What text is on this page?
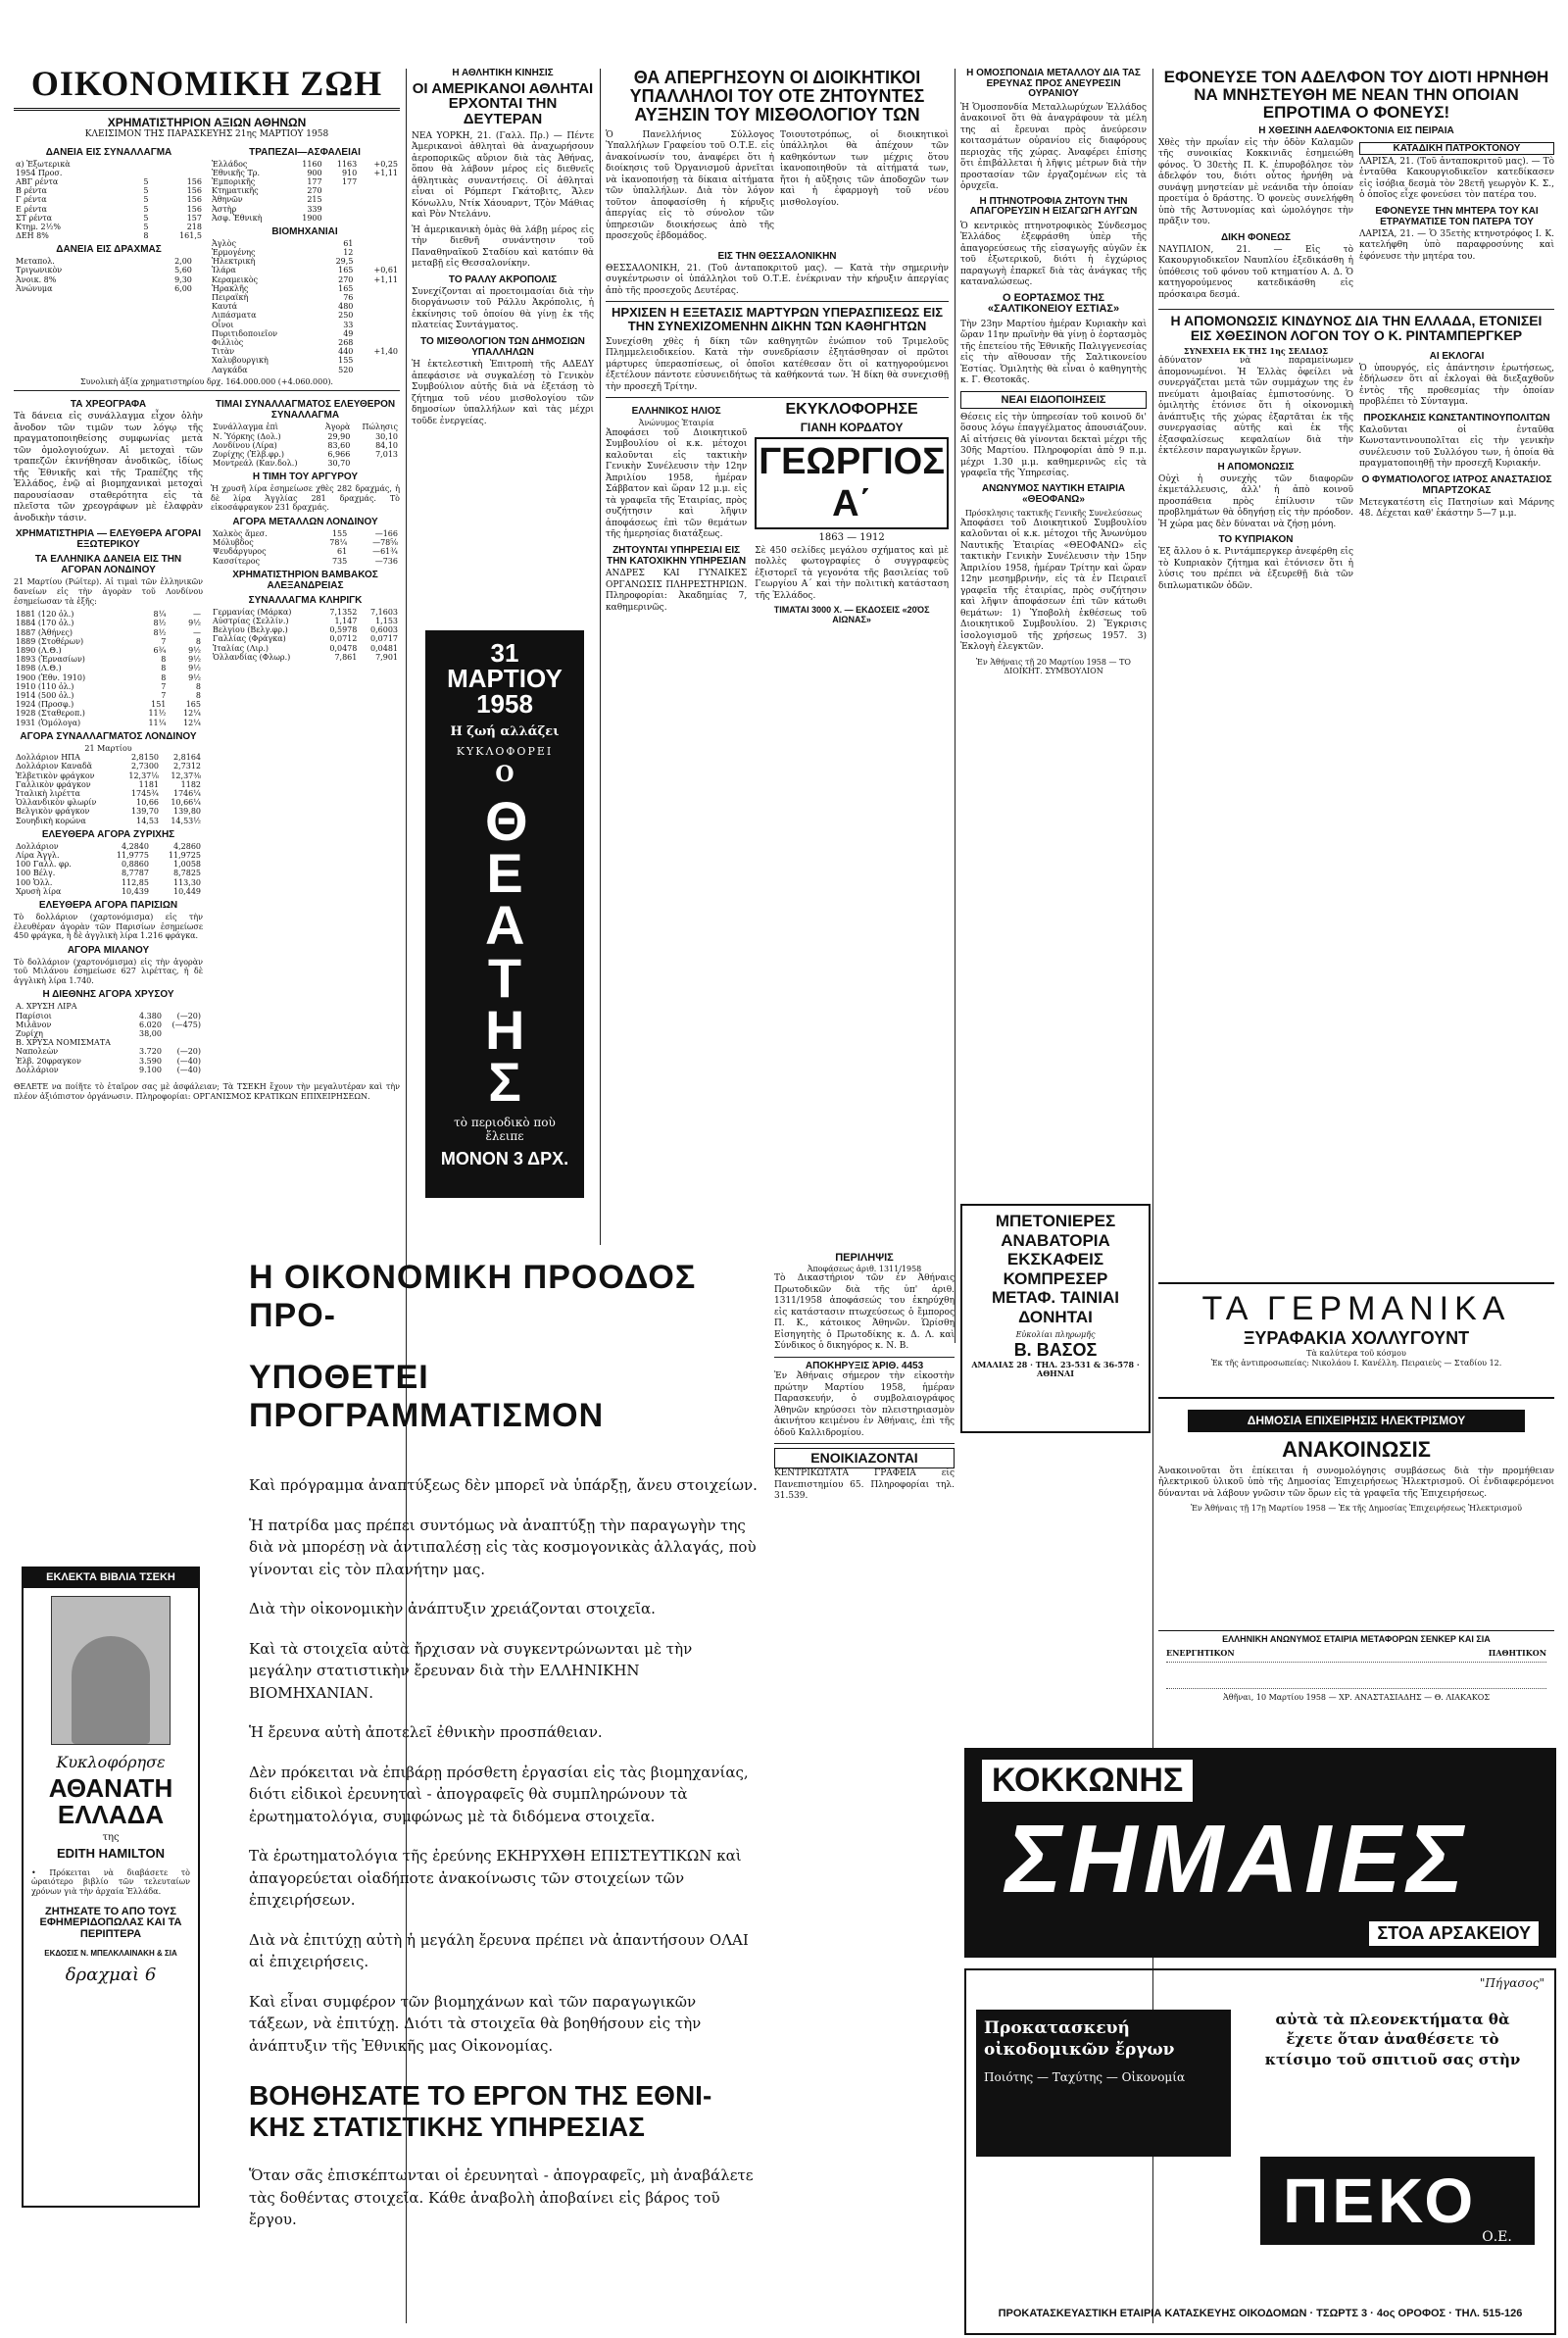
ΟΙΚΟΝΟΜΙΚΗ ΖΩΗ
ΧΡΗΜΑΤΙΣΤΗΡΙΟΝ ΑΞΙΩΝ ΑΘΗΝΩΝ
ΚΛΕΙΣΙΜΟΝ ΤΗΣ ΠΑΡΑΣΚΕΥΗΣ 21ης ΜΑΡΤΙΟΥ 1958
ΔΑΝΕΙΑ ΕΙΣ ΣΥΝΑΛΛΑΓΜΑ
α) Ἐξωτερικὰ		
1954 Προσ.		
ΑΒΓ ρέντα	5	156
Β ρέντα	5	156
Γ ρέντα	5	156
Ε ρέντα	5	156
ΣΤ ρέντα	5	157
Κτημ. 2½%	5	218
ΔΕΗ 8%	8	161,5
ΔΑΝΕΙΑ ΕΙΣ ΔΡΑΧΜΑΣ
Μεταπολ.	2,00	
Τριγωνικὸν	5,60	
Ἀνοικ. 8%	9,30	
Ἀνώνυμα	6,00	
ΤΡΑΠΕΖΑΙ—ΑΣΦΑΛΕΙΑΙ
Ἑλλάδος	1160	1163	+0,25
Ἐθνικῆς Τρ.	900	910	+1,11
Ἐμπορικῆς	177	177	
Κτηματικῆς	270		
Ἀθηνῶν	215		
Ἀστὴρ	339		
Ἀσφ. Ἐθνικὴ	1900		
ΒΙΟΜΗΧΑΝΙΑΙ
Ἀγλὸς	61	
Ἑρμογένης	12	
Ἠλεκτρικὴ	29,5	
Ἰλάρα	165	+0,61
Κεραμεικὸς	270	+1,11
Ἡρακλῆς	165	
Πειραϊκὴ	76	
Καυτά	480	
Λιπάσματα	250	
Οἶνοι	33	
Πυριτιδοποιεῖον	49	
Φιλλιὸς	268	
Τιτὰν	440	+1,40
Χαλυβουργικὴ	155	
Λαγκάδα	520	
Συνολικὴ ἀξία χρηματιστηρίου δρχ. 164.000.000 (+4.060.000).
ΤΑ ΧΡΕΟΓΡΑΦΑ

Τὰ δάνεια εἰς συνάλλαγμα εἶχον ὁλὴν ἄνοδον τῶν τιμῶν των λόγῳ τῆς πραγματοποιηθείσης συμφωνίας μετὰ τῶν ὁμολογιούχων. Αἱ μετοχαὶ τῶν τραπεζῶν ἐκινήθησαν ἀνοδικῶς, ἰδίως τῆς Ἐθνικῆς καὶ τῆς Τραπέζης τῆς Ἑλλάδος, ἐνῷ αἱ βιομηχανικαὶ μετοχαὶ παρουσίασαν σταθερότητα εἰς τὰ πλεῖστα τῶν χρεογράφων μὲ ἐλαφρὰν ἀνοδικὴν τάσιν.

ΧΡΗΜΑΤΙΣΤΗΡΙΑ — ΕΛΕΥΘΕΡΑ ΑΓΟΡΑΙ ΕΞΩΤΕΡΙΚΟΥ
ΤΑ ΕΛΛΗΝΙΚΑ ΔΑΝΕΙΑ ΕΙΣ ΤΗΝ ΑΓΟΡΑΝ ΛΟΝΔΙΝΟΥ

21 Μαρτίου (Ρώϊτερ). Αἱ τιμαὶ τῶν ἑλληνικῶν δανείων εἰς τὴν ἀγορὰν τοῦ Λονδίνου ἐσημείωσαν τὰ ἑξῆς:

1881 (120 ὁλ.)	8¼	—
1884 (170 ὁλ.)	8½	9½
1887 (Ἀθήνες)	8½	—
1889 (Στοθέρων)	7	8
1890 (Λ.Θ.)	6¾	9½
1893 (Ἐρνασίων)	8	9½
1898 (Λ.Θ.)	8	9½
1900 (Ἐθν. 1910)	8	9½
1910 (110 ὁλ.)	7	8
1914 (500 ὁλ.)	7	8
1924 (Προσφ.)	151	165
1928 (Σταθεροπ.)	11½	12¼
1931 (Ὁμόλογα)	11¼	12¼
ΑΓΟΡΑ ΣΥΝΑΛΛΑΓΜΑΤΟΣ ΛΟΝΔΙΝΟΥ
21 Μαρτίου
Δολλάριον ΗΠΑ	2,8150	2,8164
Δολλάριον Καναδᾶ	2,7300	2,7312
Ἑλβετικὸν φράγκον	12,37⅛	12,37⅜
Γαλλικὸν φράγκον	1181	1182
Ἰταλικὴ λιρέττα	1745¾	1746¼
Ὁλλανδικὸν φλωρίν	10,66	10,66¼
Βελγικὸν φράγκον	139,70	139,80
Σουηδικὴ κορώνα	14,53	14,53½
ΕΛΕΥΘΕΡΑ ΑΓΟΡΑ ΖΥΡΙΧΗΣ
Δολλάριον	4,2840	4,2860
Λίρα Ἀγγλ.	11,9775	11,9725
100 Γαλλ. φρ.	0,8860	1,0058
100 Βέλγ.	8,7787	8,7825
100 Ὁλλ.	112,85	113,30
Χρυσὴ λίρα	10,439	10,449
ΕΛΕΥΘΕΡΑ ΑΓΟΡΑ ΠΑΡΙΣΙΩΝ

Τὸ δολλάριον (χαρτονόμισμα) εἰς τὴν ἐλευθέραν ἀγορὰν τῶν Παρισίων ἐσημείωσε 450 φράγκα, ἡ δὲ ἀγγλικὴ λίρα 1.216 φράγκα.

ΑΓΟΡΑ ΜΙΛΑΝΟΥ

Τὸ δολλάριον (χαρτονόμισμα) εἰς τὴν ἀγορὰν τοῦ Μιλάνου ἐσημείωσε 627 λιρέττας, ἡ δὲ ἀγγλικὴ λίρα 1.740.

Η ΔΙΕΘΝΗΣ ΑΓΟΡΑ ΧΡΥΣΟΥ
Α. ΧΡΥΣΗ ΛΙΡΑ		
Παρίσιοι	4.380	(—20)
Μιλᾶνον	6.020	(—475)
Ζυρίχη	38,00	
Β. ΧΡΥΣΑ ΝΟΜΙΣΜΑΤΑ		
Ναπολεὼν	3.720	(—20)
Ἑλβ. 20φραγκον	3.590	(—40)
Δολλάριον	9.100	(—40)
ΤΙΜΑΙ ΣΥΝΑΛΛΑΓΜΑΤΟΣ ΕΛΕΥΘΕΡΟΝ ΣΥΝΑΛΛΑΓΜΑ
Συνάλλαγμα ἐπὶ	Ἀγορὰ	Πώλησις
Ν. Ὑόρκης (Δολ.)	29,90	30,10
Λονδίνου (Λίρα)	83,60	84,10
Ζυρίχης (Ἑλβ.φρ.)	6,966	7,013
Μοντρεάλ (Καν.δολ.)	30,70	
Η ΤΙΜΗ ΤΟΥ ΑΡΓΥΡΟΥ

Ἡ χρυσῆ λίρα ἐσημείωσε χθὲς 282 δραχμάς, ἡ δὲ λίρα Ἀγγλίας 281 δραχμάς. Τὸ εἰκοσάφραγκον 231 δραχμάς.

ΑΓΟΡΑ ΜΕΤΑΛΛΩΝ ΛΟΝΔΙΝΟΥ
Χαλκὸς ἄμεσ.	155	—166
Μόλυβδος	78¼	—78⅝
Ψευδάργυρος	61	—61¾
Κασσίτερος	735	—736
ΧΡΗΜΑΤΙΣΤΗΡΙΟΝ ΒΑΜΒΑΚΟΣ ΑΛΕΞΑΝΔΡΕΙΑΣ
ΣΥΝΑΛΛΑΓΜΑ ΚΛΗΡΙΓΚ
Γερμανίας (Μάρκα)	7,1352	7,1603
Αὐστρίας (Σελλίν.)	1,147	1,153
Βελγίου (Βελγ.φρ.)	0,5978	0,6003
Γαλλίας (Φράγκα)	0,0712	0,0717
Ἰταλίας (Λιρ.)	0,0478	0,0481
Ὁλλανδίας (Φλωρ.)	7,861	7,901
ΘΕΛΕΤΕ να ποίῆτε τὸ ἐταῖρον σας μὲ ἀσφάλειαν; Τὰ ΤΣΕΚΗ ἔχουν τὴν μεγαλυτέραν καὶ τὴν πλέον ἀξιόπιστον ὀργάνωσιν. Πληροφορίαι: ΟΡΓΑΝΙΣΜΟΣ ΚΡΑΤΙΚΩΝ ΕΠΙΧΕΙΡΗΣΕΩΝ.
ΕΚΛΕΚΤΑ ΒΙΒΛΙΑ ΤΣΕΚΗ
Κυκλοφόρησε
ΑΘΑΝΑΤΗ ΕΛΛΑΔΑ
της
EDITH HAMILTON

• Πρόκειται νὰ διαβάσετε τὸ ὡραιότερο βιβλίο τῶν τελευταίων χρόνων γιὰ τὴν ἀρχαία Ἑλλάδα.

ΖΗΤΗΣΑΤΕ ΤΟ ΑΠΟ ΤΟΥΣ ΕΦΗΜΕΡΙΔΟΠΩΛΑΣ ΚΑΙ ΤΑ ΠΕΡΙΠΤΕΡΑ
ΕΚΔΟΣΙΣ Ν. ΜΠΕΛΚΛΑΙΝΑΚΗ & ΣΙΑ
δραχμαὶ 6
Η ΑΘΛΗΤΙΚΗ ΚΙΝΗΣΙΣ
ΟΙ ΑΜΕΡΙΚΑΝΟΙ ΑΘΛΗΤΑΙ ΕΡΧΟΝΤΑΙ ΤΗΝ ΔΕΥΤΕΡΑΝ

ΝΕΑ ΥΟΡΚΗ, 21. (Γαλλ. Πρ.) — Πέντε Ἀμερικανοὶ ἀθληταὶ θὰ ἀναχωρήσουν ἀεροπορικῶς αὔριον διὰ τὰς Ἀθήνας, ὅπου θὰ λάβουν μέρος εἰς διεθνεῖς ἀθλητικὰς συναντήσεις. Οἱ ἀθληταὶ εἶναι οἱ Ρόμπερτ Γκάτοβιτς, Ἄλεν Κόνωλλυ, Ντίκ Χάουαρντ, Τζὸν Μάθιας καὶ Ρὸν Ντελάνυ.

Ἡ ἀμερικανικὴ ὁμὰς θὰ λάβῃ μέρος εἰς τὴν διεθνῆ συνάντησιν τοῦ Παναθηναϊκοῦ Σταδίου καὶ κατόπιν θὰ μεταβῇ εἰς Θεσσαλονίκην.

ΤΟ ΡΑΛΛΥ ΑΚΡΟΠΟΛΙΣ

Συνεχίζονται αἱ προετοιμασίαι διὰ τὴν διοργάνωσιν τοῦ Ράλλυ Ἀκρόπολις, ἡ ἐκκίνησις τοῦ ὁποίου θὰ γίνῃ ἐκ τῆς πλατείας Συντάγματος.

ΤΟ ΜΙΣΘΟΛΟΓΙΟΝ ΤΩΝ ΔΗΜΟΣΙΩΝ ΥΠΑΛΛΗΛΩΝ

Ἡ ἐκτελεστικὴ Ἐπιτροπὴ τῆς ΑΔΕΔΥ ἀπεφάσισε νὰ συγκαλέσῃ τὸ Γενικὸν Συμβούλιον αὐτῆς διὰ νὰ ἐξετάσῃ τὸ ζήτημα τοῦ νέου μισθολογίου τῶν δημοσίων ὑπαλλήλων καὶ τὰς μέχρι τοῦδε ἐνεργείας.

31 ΜΑΡΤΙΟΥ 1958
Η ζωή αλλάζει
ΚΥΚΛΟΦΟΡΕΙ
Ο
ΘΕΑΤΗΣ
τὸ περιοδικὸ ποὺ ἔλειπε
ΜΟΝΟΝ 3 ΔΡΧ.
ΘΑ ΑΠΕΡΓΗΣΟΥΝ ΟΙ ΔΙΟΙΚΗΤΙΚΟΙ ΥΠΑΛΛΗΛΟΙ ΤΟΥ ΟΤΕ ΖΗΤΟΥΝΤΕΣ ΑΥΞΗΣΙΝ ΤΟΥ ΜΙΣΘΟΛΟΓΙΟΥ ΤΩΝ

Ὁ Πανελλήνιος Σύλλογος Ὑπαλλήλων Γραφείου τοῦ Ο.Τ.Ε. εἰς ἀνακοίνωσίν του, ἀναφέρει ὅτι ἡ διοίκησις τοῦ Ὀργανισμοῦ ἀρνεῖται νὰ ἱκανοποιήσῃ τὰ δίκαια αἰτήματα τῶν ὑπαλλήλων. Διὰ τὸν λόγον τοῦτον ἀποφασίσθη ἡ κήρυξις ἀπεργίας εἰς τὸ σύνολον τῶν ὑπηρεσιῶν διοικήσεως ἀπὸ τῆς προσεχοῦς ἑβδομάδος.

Τοιουτοτρόπως, οἱ διοικητικοὶ ὑπάλληλοι θὰ ἀπέχουν τῶν καθηκόντων των μέχρις ὅτου ἱκανοποιηθοῦν τὰ αἰτήματά των, ἤτοι ἡ αὔξησις τῶν ἀποδοχῶν των καὶ ἡ ἐφαρμογὴ τοῦ νέου μισθολογίου.

ΕΙΣ ΤΗΝ ΘΕΣΣΑΛΟΝΙΚΗΝ

ΘΕΣΣΑΛΟΝΙΚΗ, 21. (Τοῦ ἀνταποκριτοῦ μας). — Κατὰ τὴν σημερινὴν συγκέντρωσιν οἱ ὑπάλληλοι τοῦ Ο.Τ.Ε. ἐνέκριναν τὴν κήρυξιν ἀπεργίας ἀπὸ τῆς προσεχοῦς Δευτέρας.

ΗΡΧΙΣΕΝ Η ΕΞΕΤΑΣΙΣ ΜΑΡΤΥΡΩΝ ΥΠΕΡΑΣΠΙΣΕΩΣ ΕΙΣ ΤΗΝ ΣΥΝΕΧΙΖΟΜΕΝΗΝ ΔΙΚΗΝ ΤΩΝ ΚΑΘΗΓΗΤΩΝ

Συνεχίσθη χθὲς ἡ δίκη τῶν καθηγητῶν ἐνώπιον τοῦ Τριμελοῦς Πλημμελειοδικείου. Κατὰ τὴν συνεδρίασιν ἐξητάσθησαν οἱ πρῶτοι μάρτυρες ὑπερασπίσεως, οἱ ὁποῖοι κατέθεσαν ὅτι οἱ κατηγορούμενοι ἐξετέλουν πάντοτε εὐσυνειδήτως τὰ καθήκοντά των. Ἡ δίκη θὰ συνεχισθῇ τὴν προσεχῆ Τρίτην.

ΕΛΛΗΝΙΚΟΣ ΗΛΙΟΣ
Ἀνώνυμος Ἑταιρία

Ἀποφάσει τοῦ Διοικητικοῦ Συμβουλίου οἱ κ.κ. μέτοχοι καλοῦνται εἰς τακτικὴν Γενικὴν Συνέλευσιν τὴν 12ην Ἀπριλίου 1958, ἡμέραν Σάββατον καὶ ὥραν 12 μ.μ. εἰς τὰ γραφεῖα τῆς Ἑταιρίας, πρὸς συζήτησιν καὶ λῆψιν ἀποφάσεως ἐπὶ τῶν θεμάτων τῆς ἡμερησίας διατάξεως.

ΖΗΤΟΥΝΤΑΙ ΥΠΗΡΕΣΙΑΙ ΕΙΣ ΤΗΝ ΚΑΤΟΧΙΚΗΝ ΥΠΗΡΕΣΙΑΝ

ΑΝΔΡΕΣ ΚΑΙ ΓΥΝΑΙΚΕΣ ΟΡΓΑΝΩΣΙΣ ΠΛΗΡΕΣΤΗΡΙΩΝ. Πληροφορίαι: Ἀκαδημίας 7, καθημερινῶς.

ΕΚΥΚΛΟΦΟΡΗΣΕ
ΓΙΑΝΗ ΚΟΡΔΑΤΟΥ
ΓΕΩΡΓΙΟΣ Α΄
1863 — 1912

Σὲ 450 σελίδες μεγάλου σχήματος καὶ μὲ πολλὲς φωτογραφίες ὁ συγγραφεὺς ἐξιστορεῖ τὰ γεγονότα τῆς βασιλείας τοῦ Γεωργίου Α΄ καὶ τὴν πολιτικὴ κατάσταση τῆς Ἑλλάδος.

ΤΙΜΑ͂ΤΑΙ 3000 Χ. — ΕΚΔΟΣΕΙΣ «20ΌΣ ΑΙΩΝΑΣ»
Η ΟΜΟΣΠΟΝΔΙΑ ΜΕΤΑΛΛΟΥ ΔΙΑ ΤΑΣ ΕΡΕΥΝΑΣ ΠΡΟΣ ΑΝΕΥΡΕΣΙΝ ΟΥΡΑΝΙΟΥ

Ἡ Ὁμοσπονδία Μεταλλωρύχων Ἑλλάδος ἀνακοινοῖ ὅτι θὰ ἀναγράφουν τὰ μέλη της αἱ ἔρευναι πρὸς ἀνεύρεσιν κοιτασμάτων οὐρανίου εἰς διαφόρους περιοχὰς τῆς χώρας. Ἀναφέρει ἐπίσης ὅτι ἐπιβάλλεται ἡ λῆψις μέτρων διὰ τὴν προστασίαν τῶν ἐργαζομένων εἰς τὰ ὀρυχεῖα.

Η ΠΤΗΝΟΤΡΟΦΙΑ ΖΗΤΟΥΝ ΤΗΝ ΑΠΑΓΟΡΕΥΣΙΝ Η ΕΙΣΑΓΩΓΗ ΑΥΓΩΝ

Ὁ κεντρικὸς πτηνοτροφικὸς Σύνδεσμος Ἑλλάδος ἐξεφράσθη ὑπὲρ τῆς ἀπαγορεύσεως τῆς εἰσαγωγῆς αὐγῶν ἐκ τοῦ ἐξωτερικοῦ, διότι ἡ ἐγχώριος παραγωγὴ ἐπαρκεῖ διὰ τὰς ἀνάγκας τῆς καταναλώσεως.

Ο ΕΟΡΤΑΣΜΟΣ ΤΗΣ «ΣΑΛΤΙΚΟΝΕΙΟΥ ΕΣΤΙΑΣ»

Τὴν 23ην Μαρτίου ἡμέραν Κυριακὴν καὶ ὥραν 11ην πρωϊνὴν θὰ γίνῃ ὁ ἑορτασμὸς τῆς ἐπετείου τῆς Ἐθνικῆς Παλιγγενεσίας εἰς τὴν αἴθουσαν τῆς Σαλτικονείου Ἑστίας. Ὁμιλητὴς θὰ εἶναι ὁ καθηγητὴς κ. Γ. Θεοτοκᾶς.

ΝΕΑΙ ΕΙΔΟΠΟΙΗΣΕΙΣ

Θέσεις εἰς τὴν ὑπηρεσίαν τοῦ κοινοῦ δι' ὅσους λόγω ἐπαγγέλματος ἀπουσιάζουν. Αἱ αἰτήσεις θὰ γίνονται δεκταὶ μέχρι τῆς 30ῆς Μαρτίου. Πληροφορίαι ἀπὸ 9 π.μ. μέχρι 1.30 μ.μ. καθημερινῶς εἰς τὰ γραφεῖα τῆς Ὑπηρεσίας.

ΑΝΩΝΥΜΟΣ ΝΑΥΤΙΚΗ ΕΤΑΙΡΙΑ «ΘΕΟΦΑΝΩ»
Πρόσκλησις τακτικῆς Γενικῆς Συνελεύσεως

Ἀποφάσει τοῦ Διοικητικοῦ Συμβουλίου καλοῦνται οἱ κ.κ. μέτοχοι τῆς Ἀνωνύμου Ναυτικῆς Ἑταιρίας «ΘΕΟΦΑΝΩ» εἰς τακτικὴν Γενικὴν Συνέλευσιν τὴν 15ην Ἀπριλίου 1958, ἡμέραν Τρίτην καὶ ὥραν 12ην μεσημβρινήν, εἰς τὰ ἐν Πειραιεῖ γραφεῖα τῆς ἑταιρίας, πρὸς συζήτησιν καὶ λῆψιν ἀποφάσεων ἐπὶ τῶν κάτωθι θεμάτων: 1) Ὑποβολὴ ἐκθέσεως τοῦ Διοικητικοῦ Συμβουλίου. 2) Ἔγκρισις ἰσολογισμοῦ τῆς χρήσεως 1957. 3) Ἐκλογὴ ἐλεγκτῶν.

Ἐν Ἀθήναις τῇ 20 Μαρτίου 1958 — ΤΟ ΔΙΟΙΚΗΤ. ΣΥΜΒΟΥΛΙΟΝ
ΕΦΟΝΕΥΣΕ ΤΟΝ ΑΔΕΛΦΟΝ ΤΟΥ ΔΙΟΤΙ ΗΡΝΗΘΗ ΝΑ ΜΝΗΣΤΕΥΘΗ ΜΕ ΝΕΑΝ ΤΗΝ ΟΠΟΙΑΝ ΕΠΡΟΤΙΜΑ Ο ΦΟΝΕΥΣ!
Η ΧΘΕΣΙΝΗ ΑΔΕΛΦΟΚΤΟΝΙΑ ΕΙΣ ΠΕΙΡΑΙΑ

Χθὲς τὴν πρωΐαν εἰς τὴν ὁδὸν Καλαμῶν τῆς συνοικίας Κοκκινιᾶς ἐσημειώθη φόνος. Ὁ 30ετὴς Π. Κ. ἐπυροβόλησε τὸν ἀδελφόν του, διότι οὗτος ἠρνήθη νὰ συνάψῃ μνηστείαν μὲ νεάνιδα τὴν ὁποίαν προετίμα ὁ δράστης. Ὁ φονεὺς συνελήφθη ὑπὸ τῆς Ἀστυνομίας καὶ ὡμολόγησε τὴν πρᾶξιν του.

ΔΙΚΗ ΦΟΝΕΩΣ

ΝΑΥΠΛΙΟΝ, 21. — Εἰς τὸ Κακουργιοδικεῖον Ναυπλίου ἐξεδικάσθη ἡ ὑπόθεσις τοῦ φόνου τοῦ κτηματίου Α. Δ. Ὁ κατηγορούμενος κατεδικάσθη εἰς πρόσκαιρα δεσμά.

ΚΑΤΑΔΙΚΗ ΠΑΤΡΟΚΤΟΝΟΥ

ΛΑΡΙΣΑ, 21. (Τοῦ ἀνταποκριτοῦ μας). — Τὸ ἐνταῦθα Κακουργιοδικεῖον κατεδίκασεν εἰς ἰσόβια δεσμὰ τὸν 28ετῆ γεωργὸν Κ. Σ., ὁ ὁποῖος εἶχε φονεύσει τὸν πατέρα του.

ΕΦΟΝΕΥΣΕ ΤΗΝ ΜΗΤΕΡΑ ΤΟΥ ΚΑΙ ΕΤΡΑΥΜΑΤΙΣΕ ΤΟΝ ΠΑΤΕΡΑ ΤΟΥ

ΛΑΡΙΣΑ, 21. — Ὁ 35ετὴς κτηνοτρόφος Ι. Κ. κατελήφθη ὑπὸ παραφροσύνης καὶ ἐφόνευσε τὴν μητέρα του.

Η ΑΠΟΜΟΝΩΣΙΣ ΚΙΝΔΥΝΟΣ ΔΙΑ ΤΗΝ ΕΛΛΑΔΑ, ΕΤΟΝΙΣΕΙ ΕΙΣ ΧΘΕΣΙΝΟΝ ΛΟΓΟΝ ΤΟΥ Ο Κ. ΡΙΝΤΑΜΠΕΡΓΚΕΡ
ΣΥΝΕΧΕΙΑ ΕΚ ΤΗΣ 1ης ΣΕΛΙΔΟΣ

ἀδύνατον νὰ παραμείνωμεν ἀπομονωμένοι. Ἡ Ἑλλὰς ὀφείλει νὰ συνεργάζεται μετὰ τῶν συμμάχων της ἐν πνεύματι ἀμοιβαίας ἐμπιστοσύνης. Ὁ ὁμιλητὴς ἐτόνισε ὅτι ἡ οἰκονομικὴ ἀνάπτυξις τῆς χώρας ἐξαρτᾶται ἐκ τῆς συνεργασίας αὐτῆς καὶ ἐκ τῆς ἐξασφαλίσεως κεφαλαίων διὰ τὴν ἐκτέλεσιν παραγωγικῶν ἔργων.

Η ΑΠΟΜΟΝΩΣΙΣ

Οὐχὶ ἡ συνεχὴς τῶν διαφορῶν ἐκμετάλλευσις, ἀλλ' ἡ ἀπὸ κοινοῦ προσπάθεια πρὸς ἐπίλυσιν τῶν προβλημάτων θὰ ὁδηγήσῃ εἰς τὴν πρόοδον. Ἡ χώρα μας δὲν δύναται νὰ ζήσῃ μόνη.

ΤΟ ΚΥΠΡΙΑΚΟΝ

Ἐξ ἄλλου ὁ κ. Ριντάμπεργκερ ἀνεφέρθη εἰς τὸ Κυπριακὸν ζήτημα καὶ ἐτόνισεν ὅτι ἡ λύσις του πρέπει νὰ ἐξευρεθῇ διὰ τῶν διπλωματικῶν ὁδῶν.

ΑΙ ΕΚΛΟΓΑΙ

Ὁ ὑπουργός, εἰς ἀπάντησιν ἐρωτήσεως, ἐδήλωσεν ὅτι αἱ ἐκλογαὶ θὰ διεξαχθοῦν ἐντὸς τῆς προθεσμίας τὴν ὁποίαν προβλέπει τὸ Σύνταγμα.

ΠΡΟΣΚΛΗΣΙΣ ΚΩΝΣΤΑΝΤΙΝΟΥΠΟΛΙΤΩΝ

Καλοῦνται οἱ ἐνταῦθα Κωνσταντινουπολῖται εἰς τὴν γενικὴν συνέλευσιν τοῦ Συλλόγου των, ἡ ὁποία θὰ πραγματοποιηθῇ τὴν προσεχῆ Κυριακήν.

Ο ΦΥΜΑΤΙΟΛΟΓΟΣ ΙΑΤΡΟΣ ΑΝΑΣΤΑΣΙΟΣ ΜΠΑΡΤΖΟΚΑΣ

Μετεγκατέστη εἰς Πατησίων καὶ Μάρνης 48. Δέχεται καθ' ἑκάστην 5—7 μ.μ.

ΤΑ ΓΕΡΜΑΝΙΚΑ
ΞΥΡΑΦΑΚΙΑ ΧΟΛΛΥΓΟΥΝΤ
Τὰ καλύτερα τοῦ κόσμου
Ἐκ τῆς ἀντιπροσωπείας: Νικολάου Ι. Κανέλλη. Πειραιεὺς — Σταδίου 12.
ΔΗΜΟΣΙΑ ΕΠΙΧΕΙΡΗΣΙΣ ΗΛΕΚΤΡΙΣΜΟΥ
ΑΝΑΚΟΙΝΩΣΙΣ

Ἀνακοινοῦται ὅτι ἐπίκειται ἡ συνομολόγησις συμβάσεως διὰ τὴν προμήθειαν ἠλεκτρικοῦ ὑλικοῦ ὑπὸ τῆς Δημοσίας Ἐπιχειρήσεως Ἠλεκτρισμοῦ. Οἱ ἐνδιαφερόμενοι δύνανται νὰ λάβουν γνῶσιν τῶν ὅρων εἰς τὰ γραφεῖα τῆς Ἐπιχειρήσεως.

Ἐν Ἀθήναις τῇ 17ῃ Μαρτίου 1958 — Ἐκ τῆς Δημοσίας Ἐπιχειρήσεως Ἠλεκτρισμοῦ
ΕΛΛΗΝΙΚΗ ΑΝΩΝΥΜΟΣ ΕΤΑΙΡΙΑ ΜΕΤΑΦΟΡΩΝ ΣΕΝΚΕΡ ΚΑΙ ΣΙΑ
ΕΝΕΡΓΗΤΙΚΟΝ	ΠΑΘΗΤΙΚΟΝ
Ἀθῆναι, 10 Μαρτίου 1958 — ΧΡ. ΑΝΑΣΤΑΣΙΑΔΗΣ — Θ. ΛΙΑΚΑΚΟΣ
ΚΟΚΚΩΝΗΣ
ΣΗΜΑΙΕΣ
ΣΤΟΑ ΑΡΣΑΚΕΙΟΥ
"Πήγασος"
Προκατασκευή οἰκοδομικῶν ἔργων
Ποιότης — Ταχύτης — Οἰκονομία
αὐτὰ τὰ πλεονεκτήματα θὰ ἔχετε ὅταν ἀναθέσετε τὸ κτίσιμο τοῦ σπιτιοῦ σας στὴν
ΠΕΚΟ Ο.Ε.
ΠΡΟΚΑΤΑΣΚΕΥΑΣΤΙΚΗ ΕΤΑΙΡΙΑ ΚΑΤΑΣΚΕΥΗΣ ΟΙΚΟΔΟΜΩΝ · ΤΣΩΡΤΣ 3 · 4ος ΟΡΟΦΟΣ · ΤΗΛ. 515-126
Η ΟΙΚΟΝΟΜΙΚΗ ΠΡΟΟΔΟΣ ΠΡΟ-
ΥΠΟΘΕΤΕΙ ΠΡΟΓΡΑΜΜΑΤΙΣΜΟΝ

Καὶ πρόγραμμα ἀναπτύξεως δὲν μπορεῖ νὰ ὑπάρξῃ, ἄνευ στοιχείων.

Ἡ πατρίδα μας πρέπει συντόμως νὰ ἀναπτύξῃ τὴν παραγωγὴν της διὰ νὰ μπορέσῃ νὰ ἀντιπαλέσῃ εἰς τὰς κοσμογονικὰς ἀλλαγάς, ποὺ γίνονται εἰς τὸν πλανήτην μας.

Διὰ τὴν οἰκονομικὴν ἀνάπτυξιν χρειάζονται στοιχεῖα.

Καὶ τὰ στοιχεῖα αὐτὰ ἤρχισαν νὰ συγκεντρώνωνται μὲ τὴν μεγάλην στατιστικὴν ἔρευναν διὰ τὴν ΕΛΛΗΝΙΚΗΝ ΒΙΟΜΗΧΑΝΙΑΝ.

Ἡ ἔρευνα αὐτὴ ἀποτελεῖ ἐθνικὴν προσπάθειαν.

Δὲν πρόκειται νὰ ἐπιβάρῃ πρόσθετη ἐργασίαι εἰς τὰς βιομηχανίας, διότι εἰδικοὶ ἐρευνηταὶ - ἀπογραφεῖς θὰ συμπληρώνουν τὰ ἐρωτηματολόγια, συμφώνως μὲ τὰ διδόμενα στοιχεῖα.

Τὰ ἐρωτηματολόγια τῆς ἐρεύνης ΕΚΗΡΥΧΘΗ ΕΠΙΣΤΕΥΤΙΚΩΝ καὶ ἀπαγορεύεται οἱαδήποτε ἀνακοίνωσις τῶν στοιχείων τῶν ἐπιχειρήσεων.

Διὰ νὰ ἐπιτύχῃ αὐτὴ ἡ μεγάλη ἔρευνα πρέπει νὰ ἀπαντήσουν ΟΛΑΙ αἱ ἐπιχειρήσεις.

Καὶ εἶναι συμφέρον τῶν βιομηχάνων καὶ τῶν παραγωγικῶν τάξεων, νὰ ἐπιτύχῃ. Διότι τὰ στοιχεῖα θὰ βοηθήσουν εἰς τὴν ἀνάπτυξιν τῆς Ἐθνικῆς μας Οἰκονομίας.

ΒΟΗΘΗΣΑΤΕ ΤΟ ΕΡΓΟΝ ΤΗΣ ΕΘΝΙ-
ΚΗΣ ΣΤΑΤΙΣΤΙΚΗΣ ΥΠΗΡΕΣΙΑΣ

Ὅταν σᾶς ἐπισκέπτωνται οἱ ἐρευνηταὶ - ἀπογραφεῖς, μὴ ἀναβάλετε τὰς δοθέντας στοιχεῖα. Κάθε ἀναβολὴ ἀποβαίνει εἰς βάρος τοῦ ἔργου.

ΠΕΡΙΛΗΨΙΣ
Ἀποφάσεως ἀριθ. 1311/1958

Τὸ Δικαστήριον τῶν ἐν Ἀθήναις Πρωτοδικῶν διὰ τῆς ὑπ' ἀριθ. 1311/1958 ἀποφάσεώς του ἐκηρύχθη εἰς κατάστασιν πτωχεύσεως ὁ ἔμπορος Π. Κ., κάτοικος Ἀθηνῶν. Ὡρίσθη Εἰσηγητὴς ὁ Πρωτοδίκης κ. Δ. Λ. καὶ Σύνδικος ὁ δικηγόρος κ. Ν. Β.

ΑΠΟΚΗΡΥΞΙΣ ἈΡΙΘ. 4453

Ἐν Ἀθήναις σήμερον τὴν εἰκοστὴν πρώτην Μαρτίου 1958, ἡμέραν Παρασκευήν, ὁ συμβολαιογράφος Ἀθηνῶν κηρύσσει τὸν πλειστηριασμὸν ἀκινήτου κειμένου ἐν Ἀθήναις, ἐπὶ τῆς ὁδοῦ Καλλιδρομίου.

ΕΝΟΙΚΙΑΖΟΝΤΑΙ

ΚΕΝΤΡΙΚΩΤΑΤΑ ΓΡΑΦΕΙΑ εἰς Πανεπιστημίου 65. Πληροφορίαι τηλ. 31.539.

ΜΠΕΤΟΝΙΕΡΕΣ
ΑΝΑΒΑΤΟΡΙΑ
ΕΚΣΚΑΦΕΙΣ
ΚΟΜΠΡΕΣΕΡ
ΜΕΤΑΦ. ΤΑΙΝΙΑΙ
ΔΟΝΗΤΑΙ
Εὐκολίαι πληρωμῆς
Β. ΒΑΣΟΣ
ΑΜΑΛΙΑΣ 28 · ΤΗΛ. 23-531 & 36-578 · ΑΘΗΝΑΙ
